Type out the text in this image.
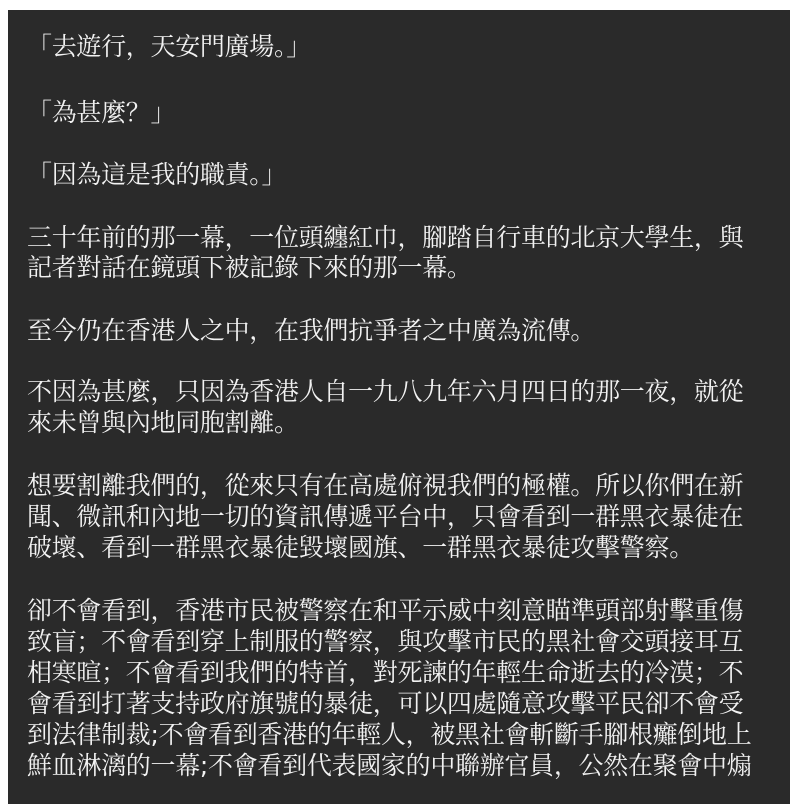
「去遊行，天安門廣場。」
「為甚麼？」
「因為這是我的職責。」
三十年前的那一幕，一位頭纏紅巾，腳踏自行車的北京大學生，與
記者對話在鏡頭下被記錄下來的那一幕。
至今仍在香港人之中，在我們抗爭者之中廣為流傳。
不因為甚麼，只因為香港人自一九八九年六月四日的那一夜，就從
來未曾與內地同胞割離。
想要割離我們的，從來只有在高處俯視我們的極權。所以你們在新
聞、微訊和內地一切的資訊傳遞平台中，只會看到一群黑衣暴徒在
破壞、看到一群黑衣暴徒毀壞國旗、一群黑衣暴徒攻擊警察。
卻不會看到，香港市民被警察在和平示威中刻意瞄準頭部射擊重傷
致盲；不會看到穿上制服的警察，與攻擊市民的黑社會交頭接耳互
相寒暄；不會看到我們的特首，對死諫的年輕生命逝去的冷漠；不
會看到打著支持政府旗號的暴徒，可以四處隨意攻擊平民卻不會受
到法律制裁;不會看到香港的年輕人，被黑社會斬斷手腳根癱倒地上
鮮血淋漓的一幕;不會看到代表國家的中聯辦官員，公然在聚會中煽
